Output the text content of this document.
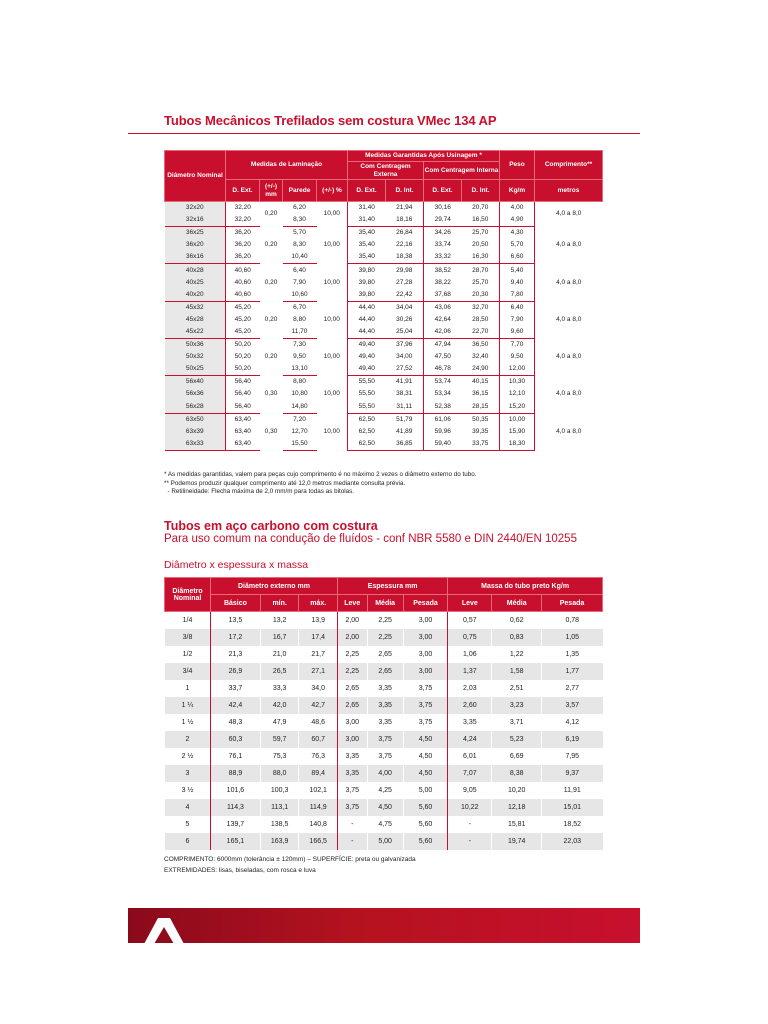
Tubos Mecânicos Trefilados sem costura VMec 134 AP
Diâmetro Nominal	Medidas de Laminação				Medidas Garantidas Após Usinagem *				Peso	Comprimento**
					Com Centragem Externa		Com Centragem Interna			
	D. Ext.	(+/-) mm	Parede	(+/-) %	D. Ext.	D. Int.	D. Ext.	D. Int.	Kg/m	metros
32x20	32,20	0,20	6,20	10,00	31,40	21,94	30,16	20,70	4,00	4,0 a 8,0
32x16	32,20		8,30		31,40	18,16	29,74	16,50	4,90	
36x25	36,20	0,20	5,70	10,00	35,40	26,84	34,26	25,70	4,30	4,0 a 8,0
36x20	36,20		8,30		35,40	22,16	33,74	20,50	5,70	
36x16	36,20		10,40		35,40	18,38	33,32	16,30	6,60	
40x28	40,60	0,20	6,40	10,00	39,80	29,98	38,52	28,70	5,40	4,0 a 8,0
40x25	40,60		7,90		39,80	27,28	38,22	25,70	9,40	
40x20	40,60		10,60		39,80	22,42	37,68	20,30	7,80	
45x32	45,20	0,20	6,70	10,00	44,40	34,04	43,06	32,70	6,40	4,0 a 8,0
45x28	45,20		8,80		44,40	30,26	42,64	28,50	7,90	
45x22	45,20		11,70		44,40	25,04	42,06	22,70	9,60	
50x36	50,20	0,20	7,30	10,00	49,40	37,96	47,94	36,50	7,70	4,0 a 8,0
50x32	50,20		9,50		49,40	34,00	47,50	32,40	9,50	
50x25	50,20		13,10		49,40	27,52	46,78	24,90	12,00	
56x40	56,40	0,30	8,80	10,00	55,50	41,91	53,74	40,15	10,30	4,0 a 8,0
56x36	56,40		10,80		55,50	38,31	53,34	36,15	12,10	
56x28	56,40		14,80		55,50	31,11	52,38	28,15	15,20	
63x50	63,40	0,30	7,20	10,00	62,50	51,79	61,06	50,35	10,00	4,0 a 8,0
63x39	63,40		12,70		62,50	41,89	59,96	39,35	15,90	
63x33	63,40		15,50		62,50	36,85	59,40	33,75	18,30	
* As medidas garantidas, valem para peças cujo comprimento é no máximo 2 vezes o diâmetro externo do tubo.
** Podemos produzir qualquer comprimento até 12,0 metros mediante consulta prévia.
- Retilineidade: Flecha máxima de 2,0 mm/m para todas as bitolas.
Tubos em aço carbono com costura
Para uso comum na condução de fluídos - conf NBR 5580 e DIN 2440/EN 10255
Diâmetro x espessura x massa
Diâmetro Nominal	Diâmetro externo mm			Espessura mm			Massa do tubo preto Kg/m		
	Básico	mín.	máx.	Leve	Média	Pesada	Leve	Média	Pesada
1/4	13,5	13,2	13,9	2,00	2,25	3,00	0,57	0,62	0,78
3/8	17,2	16,7	17,4	2,00	2,25	3,00	0,75	0,83	1,05
1/2	21,3	21,0	21,7	2,25	2,65	3,00	1,06	1,22	1,35
3/4	26,9	26,5	27,1	2,25	2,65	3,00	1,37	1,58	1,77
1	33,7	33,3	34,0	2,65	3,35	3,75	2,03	2,51	2,77
1 ¼	42,4	42,0	42,7	2,65	3,35	3,75	2,60	3,23	3,57
1 ½	48,3	47,9	48,6	3,00	3,35	3,75	3,35	3,71	4,12
2	60,3	59,7	60,7	3,00	3,75	4,50	4,24	5,23	6,19
2 ½	76,1	75,3	76,3	3,35	3,75	4,50	6,01	6,69	7,95
3	88,9	88,0	89,4	3,35	4,00	4,50	7,07	8,38	9,37
3 ½	101,6	100,3	102,1	3,75	4,25	5,00	9,05	10,20	11,91
4	114,3	113,1	114,9	3,75	4,50	5,60	10,22	12,18	15,01
5	139,7	138,5	140,8	-	4,75	5,60	-	15,81	18,52
6	165,1	163,9	166,5	-	5,00	5,60	-	19,74	22,03
COMPRIMENTO: 6000mm (tolerância ± 120mm) – SUPERFÍCIE: preta ou galvanizada
EXTREMIDADES: lisas, biseladas, com rosca e luva
